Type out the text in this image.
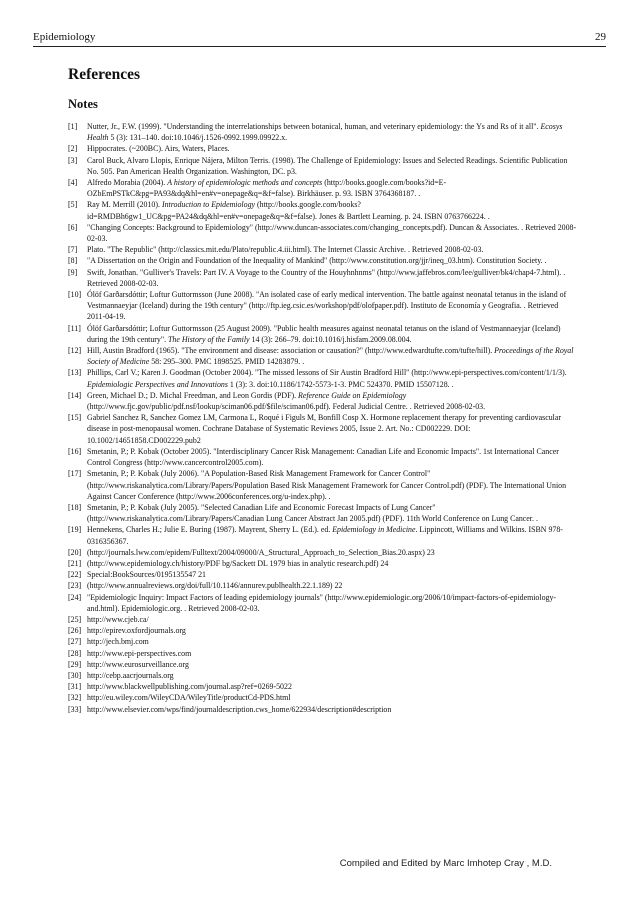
Epidemiology	29
References
Notes
[1] Nutter, Jr., F.W. (1999). "Understanding the interrelationships between botanical, human, and veterinary epidemiology: the Ys and Rs of it all". Ecosys Health 5 (3): 131–140. doi:10.1046/j.1526-0992.1999.09922.x.
[2] Hippocrates. (~200BC). Airs, Waters, Places.
[3] Carol Buck, Alvaro Llopis, Enrique Nájera, Milton Terris. (1998). The Challenge of Epidemiology: Issues and Selected Readings. Scientific Publication No. 505. Pan American Health Organization. Washington, DC. p3.
[4] Alfredo Morabia (2004). A history of epidemiologic methods and concepts (http://books.google.com/books?id=E-OZbEmPSTkC&pg=PA93&dq&hl=en#v=onepage&q=&f=false). Birkhäuser. p. 93. ISBN 3764368187. .
[5] Ray M. Merrill (2010). Introduction to Epidemiology (http://books.google.com/books?id=RMDBh6gw1_UC&pg=PA24&dq&hl=en#v=onepage&q=&f=false). Jones & Bartlett Learning. p. 24. ISBN 0763766224. .
[6] "Changing Concepts: Background to Epidemiology" (http://www.duncan-associates.com/changing_concepts.pdf). Duncan & Associates. . Retrieved 2008-02-03.
[7] Plato. "The Republic" (http://classics.mit.edu/Plato/republic.4.iii.html). The Internet Classic Archive. . Retrieved 2008-02-03.
[8] "A Dissertation on the Origin and Foundation of the Inequality of Mankind" (http://www.constitution.org/jjr/ineq_03.htm). Constitution Society. .
[9] Swift, Jonathan. "Gulliver's Travels: Part IV. A Voyage to the Country of the Houyhnhnms" (http://www.jaffebros.com/lee/gulliver/bk4/chap4-7.html). . Retrieved 2008-02-03.
[10] Ólöf Garðarsdóttir; Loftur Guttormsson (June 2008). "An isolated case of early medical intervention. The battle against neonatal tetanus in the island of Vestmannaeyjar (Iceland) during the 19th century" (http://ftp.ieg.csic.es/workshop/pdf/olofpaper.pdf). Instituto de Economía y Geografia. . Retrieved 2011-04-19.
[11] Ólöf Garðarsdóttir; Loftur Guttormsson (25 August 2009). "Public health measures against neonatal tetanus on the island of Vestmannaeyjar (Iceland) during the 19th century". The History of the Family 14 (3): 266–79. doi:10.1016/j.hisfam.2009.08.004.
[12] Hill, Austin Bradford (1965). "The environment and disease: association or causation?" (http://www.edwardtufte.com/tufte/hill). Proceedings of the Royal Society of Medicine 58: 295–300. PMC 1898525. PMID 14283879. .
[13] Phillips, Carl V.; Karen J. Goodman (October 2004). "The missed lessons of Sir Austin Bradford Hill" (http://www.epi-perspectives.com/content/1/1/3). Epidemiologic Perspectives and Innovations 1 (3): 3. doi:10.1186/1742-5573-1-3. PMC 524370. PMID 15507128. .
[14] Green, Michael D.; D. Michal Freedman, and Leon Gordis (PDF). Reference Guide on Epidemiology (http://www.fjc.gov/public/pdf.nsf/lookup/sciman06.pdf/$file/sciman06.pdf). Federal Judicial Centre. . Retrieved 2008-02-03.
[15] Gabriel Sanchez R, Sanchez Gomez LM, Carmona L, Roqué i Figuls M, Bonfill Cosp X. Hormone replacement therapy for preventing cardiovascular disease in post-menopausal women. Cochrane Database of Systematic Reviews 2005, Issue 2. Art. No.: CD002229. DOI: 10.1002/14651858.CD002229.pub2
[16] Smetanin, P.; P. Kobak (October 2005). "Interdisciplinary Cancer Risk Management: Canadian Life and Economic Impacts". 1st International Cancer Control Congress (http://www.cancercontrol2005.com).
[17] Smetanin, P.; P. Kobak (July 2006). "A Population-Based Risk Management Framework for Cancer Control" (http://www.riskanalytica.com/Library/Papers/Population Based Risk Management Framework for Cancer Control.pdf) (PDF). The International Union Against Cancer Conference (http://www.2006conferences.org/u-index.php). .
[18] Smetanin, P.; P. Kobak (July 2005). "Selected Canadian Life and Economic Forecast Impacts of Lung Cancer" (http://www.riskanalytica.com/Library/Papers/Canadian Lung Cancer Abstract Jan 2005.pdf) (PDF). 11th World Conference on Lung Cancer. .
[19] Hennekens, Charles H.; Julie E. Buring (1987). Mayrent, Sherry L. (Ed.). ed. Epidemiology in Medicine. Lippincott, Williams and Wilkins. ISBN 978-0316356367.
[20] (http://journals.lww.com/epidem/Fulltext/2004/09000/A_Structural_Approach_to_Selection_Bias.20.aspx) 23
[21] (http://www.epidemiology.ch/history/PDF bg/Sackett DL 1979 bias in analytic research.pdf) 24
[22] Special:BookSources/0195135547 21
[23] (http://www.annualreviews.org/doi/full/10.1146/annurev.publhealth.22.1.189) 22
[24] "Epidemiologic Inquiry: Impact Factors of leading epidemiology journals" (http://www.epidemiologic.org/2006/10/impact-factors-of-epidemiology-and.html). Epidemiologic.org. . Retrieved 2008-02-03.
[25] http://www.cjeb.ca/
[26] http://epirev.oxfordjournals.org
[27] http://jech.bmj.com
[28] http://www.epi-perspectives.com
[29] http://www.eurosurveillance.org
[30] http://cebp.aacrjournals.org
[31] http://www.blackwellpublishing.com/journal.asp?ref=0269-5022
[32] http://eu.wiley.com/WileyCDA/WileyTitle/productCd-PDS.html
[33] http://www.elsevier.com/wps/find/journaldescription.cws_home/622934/description#description
Compiled and Edited by Marc Imhotep Cray , M.D.
